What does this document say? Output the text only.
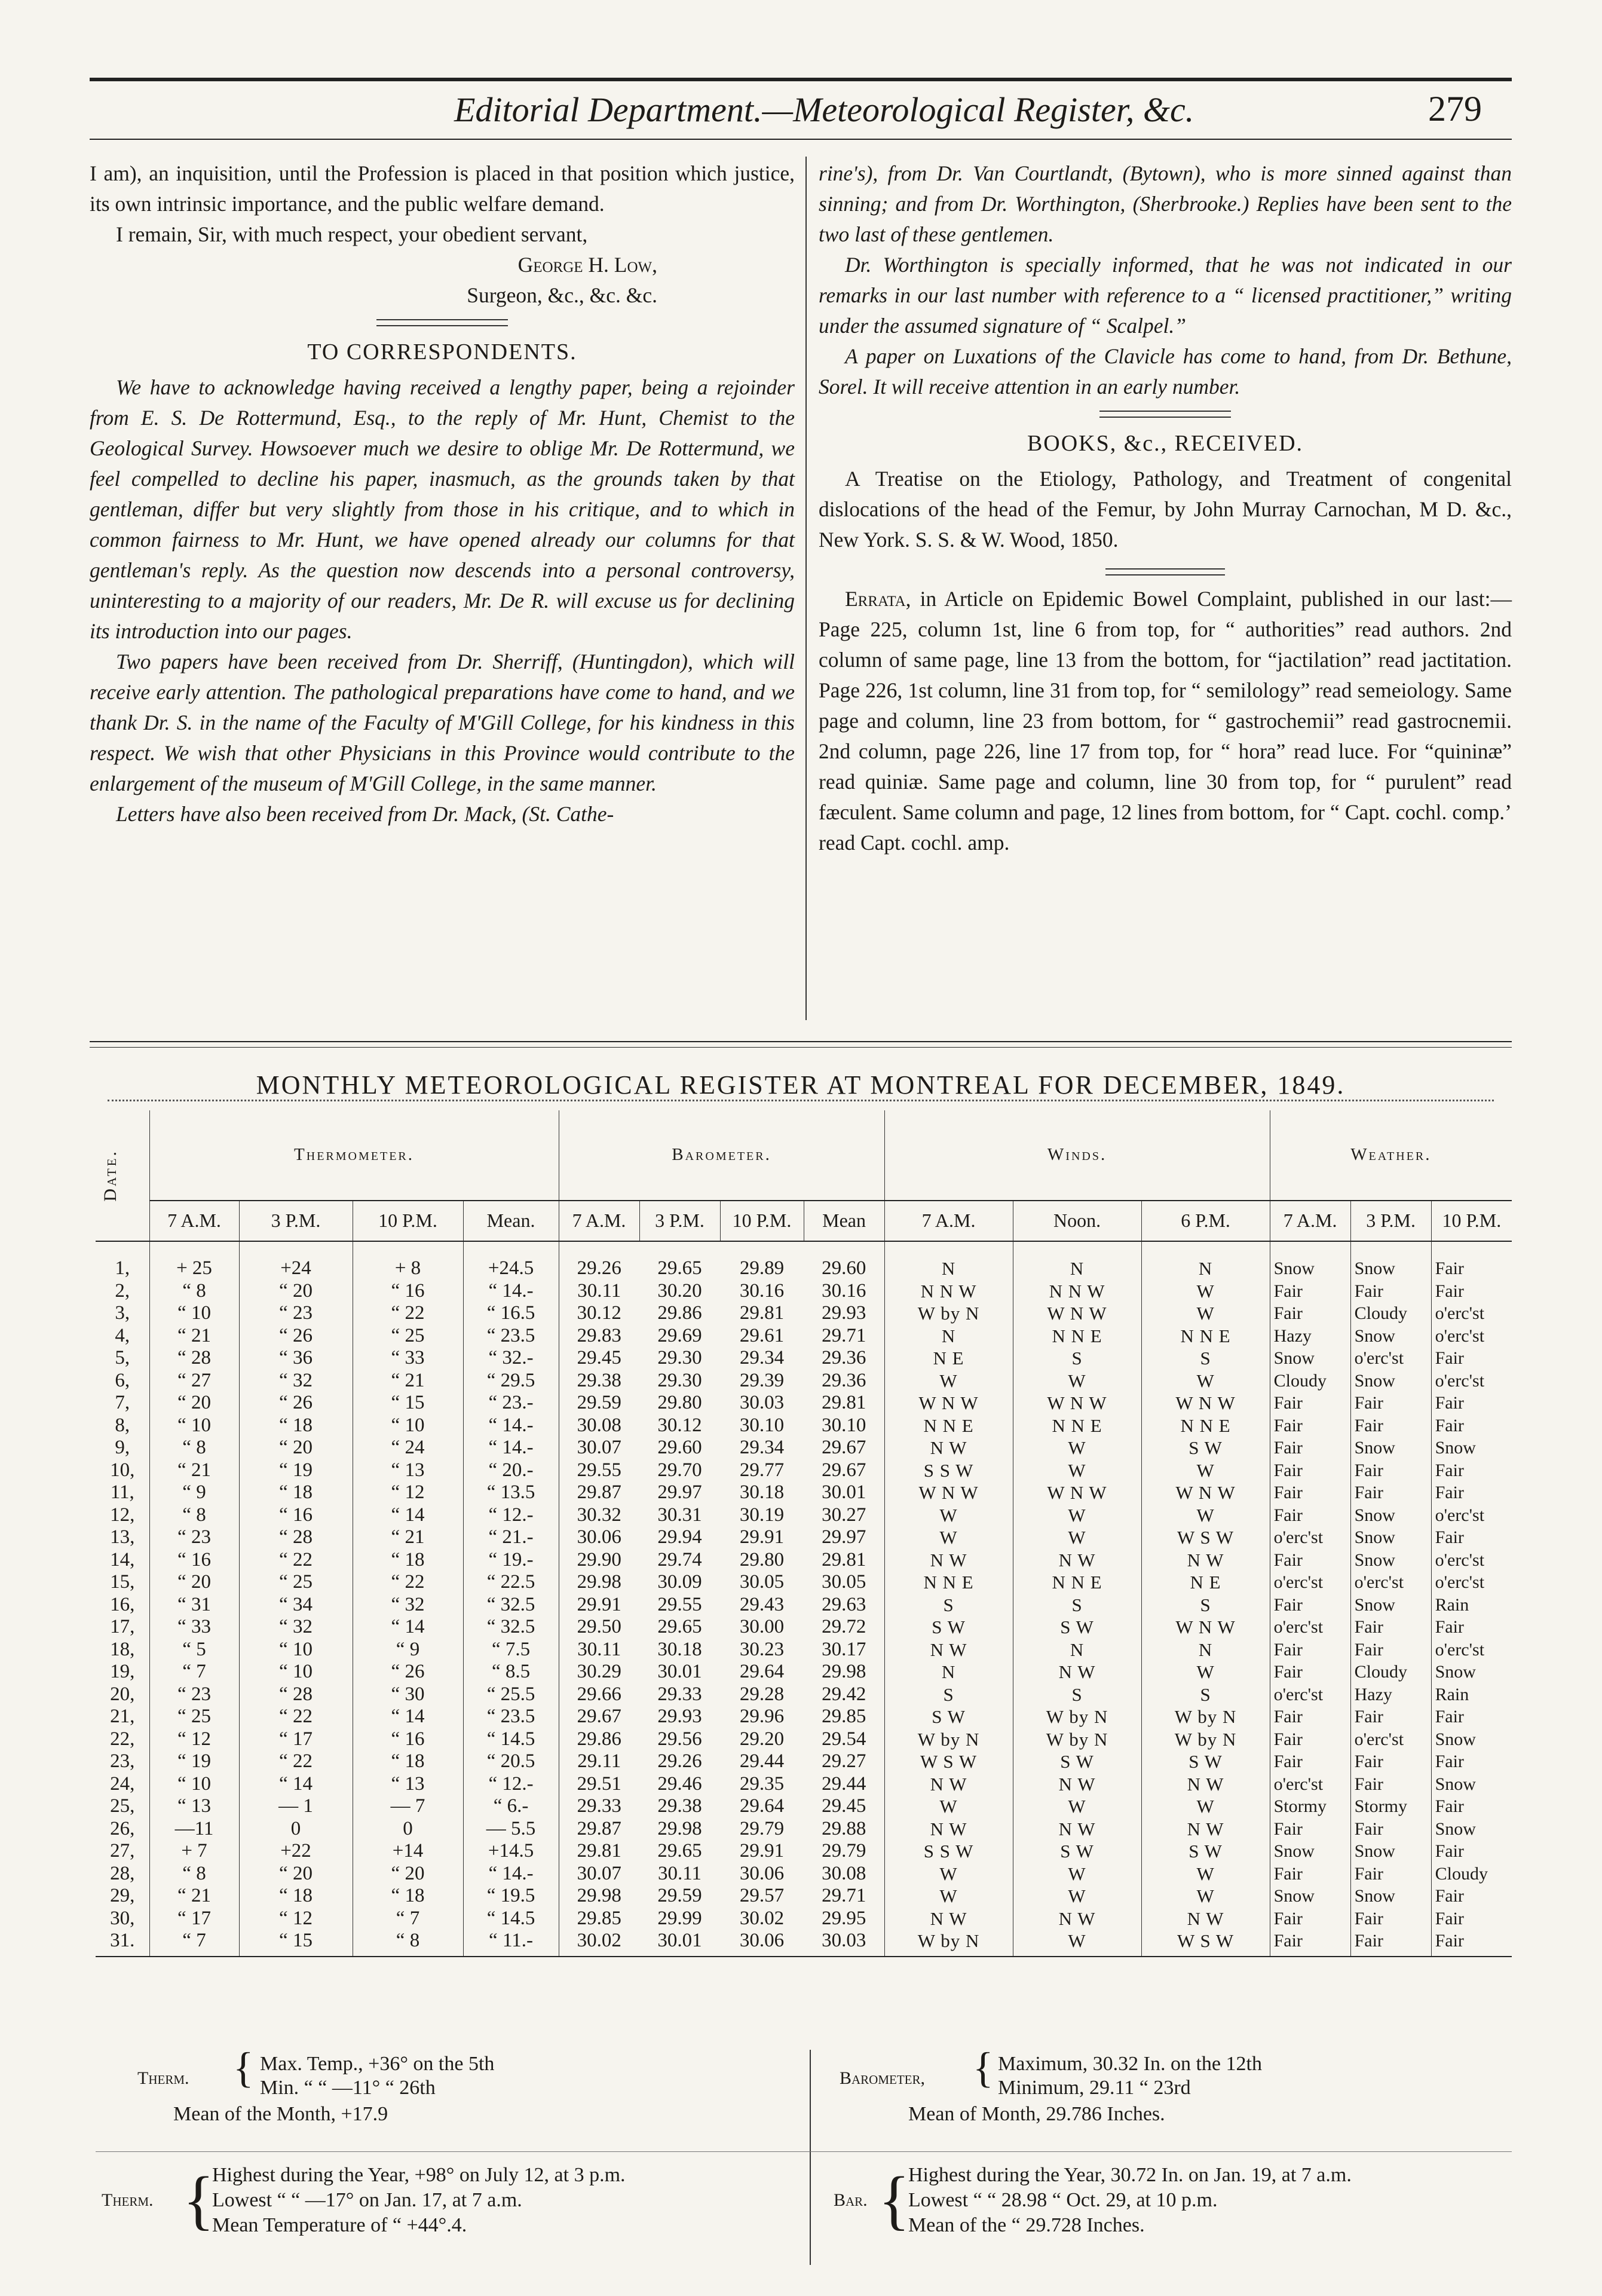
Editorial Department.—Meteorological Register, &c.	279

I am), an inquisition, until the Profession is placed in that position which justice, its own intrinsic importance, and the public welfare demand.

I remain, Sir, with much respect, your obedient servant,

George H. Low,

Surgeon, &c., &c. &c.

TO CORRESPONDENTS.

We have to acknowledge having received a lengthy paper, being a rejoinder from E. S. De Rottermund, Esq., to the reply of Mr. Hunt, Chemist to the Geological Survey. Howsoever much we desire to oblige Mr. De Rottermund, we feel compelled to decline his paper, inasmuch, as the grounds taken by that gentleman, differ but very slightly from those in his critique, and to which in common fairness to Mr. Hunt, we have opened already our columns for that gentleman's reply. As the question now descends into a personal controversy, uninteresting to a majority of our readers, Mr. De R. will excuse us for declining its introduction into our pages.

Two papers have been received from Dr. Sherriff, (Huntingdon), which will receive early attention. The pathological preparations have come to hand, and we thank Dr. S. in the name of the Faculty of M'Gill College, for his kindness in this respect. We wish that other Physicians in this Province would contribute to the enlargement of the museum of M'Gill College, in the same manner.

Letters have also been received from Dr. Mack, (St. Cathe-

rine's), from Dr. Van Courtlandt, (Bytown), who is more sinned against than sinning; and from Dr. Worthington, (Sherbrooke.) Replies have been sent to the two last of these gentlemen.

Dr. Worthington is specially informed, that he was not indicated in our remarks in our last number with reference to a “ licensed practitioner,” writing under the assumed signature of “ Scalpel.”

A paper on Luxations of the Clavicle has come to hand, from Dr. Bethune, Sorel. It will receive attention in an early number.

BOOKS, &c., RECEIVED.

A Treatise on the Etiology, Pathology, and Treatment of congenital dislocations of the head of the Femur, by John Murray Carnochan, M D. &c., New York. S. S. & W. Wood, 1850.

Errata, in Article on Epidemic Bowel Complaint, published in our last:—Page 225, column 1st, line 6 from top, for “ authorities” read authors. 2nd column of same page, line 13 from the bottom, for “jactilation” read jactitation. Page 226, 1st column, line 31 from top, for “ semilology” read semeiology. Same page and column, line 23 from bottom, for “ gastrochemii” read gastrocnemii. 2nd column, page 226, line 17 from top, for “ hora” read luce. For “quininæ” read quiniæ. Same page and column, line 30 from top, for “ purulent” read fæculent. Same column and page, 12 lines from bottom, for “ Capt. cochl. comp.’ read Capt. cochl. amp.

MONTHLY METEOROLOGICAL REGISTER AT MONTREAL FOR DECEMBER, 1849.
Date.	Thermometer.				Barometer.				Winds.			Weather.		
	7 A.M.	3 P.M.	10 P.M.	Mean.	7 A.M.	3 P.M.	10 P.M.	Mean	7 A.M.	Noon.	6 P.M.	7 A.M.	3 P.M.	10 P.M.
1,	+ 25	+24	+ 8	+24.5	29.26	29.65	29.89	29.60	N	N	N	Snow	Snow	Fair
2,	“ 8	“ 20	“ 16	“ 14.-	30.11	30.20	30.16	30.16	N N W	N N W	W	Fair	Fair	Fair
3,	“ 10	“ 23	“ 22	“ 16.5	30.12	29.86	29.81	29.93	W by N	W N W	W	Fair	Cloudy	o'erc'st
4,	“ 21	“ 26	“ 25	“ 23.5	29.83	29.69	29.61	29.71	N	N N E	N N E	Hazy	Snow	o'erc'st
5,	“ 28	“ 36	“ 33	“ 32.-	29.45	29.30	29.34	29.36	N E	S	S	Snow	o'erc'st	Fair
6,	“ 27	“ 32	“ 21	“ 29.5	29.38	29.30	29.39	29.36	W	W	W	Cloudy	Snow	o'erc'st
7,	“ 20	“ 26	“ 15	“ 23.-	29.59	29.80	30.03	29.81	W N W	W N W	W N W	Fair	Fair	Fair
8,	“ 10	“ 18	“ 10	“ 14.-	30.08	30.12	30.10	30.10	N N E	N N E	N N E	Fair	Fair	Fair
9,	“ 8	“ 20	“ 24	“ 14.-	30.07	29.60	29.34	29.67	N W	W	S W	Fair	Snow	Snow
10,	“ 21	“ 19	“ 13	“ 20.-	29.55	29.70	29.77	29.67	S S W	W	W	Fair	Fair	Fair
11,	“ 9	“ 18	“ 12	“ 13.5	29.87	29.97	30.18	30.01	W N W	W N W	W N W	Fair	Fair	Fair
12,	“ 8	“ 16	“ 14	“ 12.-	30.32	30.31	30.19	30.27	W	W	W	Fair	Snow	o'erc'st
13,	“ 23	“ 28	“ 21	“ 21.-	30.06	29.94	29.91	29.97	W	W	W S W	o'erc'st	Snow	Fair
14,	“ 16	“ 22	“ 18	“ 19.-	29.90	29.74	29.80	29.81	N W	N W	N W	Fair	Snow	o'erc'st
15,	“ 20	“ 25	“ 22	“ 22.5	29.98	30.09	30.05	30.05	N N E	N N E	N E	o'erc'st	o'erc'st	o'erc'st
16,	“ 31	“ 34	“ 32	“ 32.5	29.91	29.55	29.43	29.63	S	S	S	Fair	Snow	Rain
17,	“ 33	“ 32	“ 14	“ 32.5	29.50	29.65	30.00	29.72	S W	S W	W N W	o'erc'st	Fair	Fair
18,	“ 5	“ 10	“ 9	“ 7.5	30.11	30.18	30.23	30.17	N W	N	N	Fair	Fair	o'erc'st
19,	“ 7	“ 10	“ 26	“ 8.5	30.29	30.01	29.64	29.98	N	N W	W	Fair	Cloudy	Snow
20,	“ 23	“ 28	“ 30	“ 25.5	29.66	29.33	29.28	29.42	S	S	S	o'erc'st	Hazy	Rain
21,	“ 25	“ 22	“ 14	“ 23.5	29.67	29.93	29.96	29.85	S W	W by N	W by N	Fair	Fair	Fair
22,	“ 12	“ 17	“ 16	“ 14.5	29.86	29.56	29.20	29.54	W by N	W by N	W by N	Fair	o'erc'st	Snow
23,	“ 19	“ 22	“ 18	“ 20.5	29.11	29.26	29.44	29.27	W S W	S W	S W	Fair	Fair	Fair
24,	“ 10	“ 14	“ 13	“ 12.-	29.51	29.46	29.35	29.44	N W	N W	N W	o'erc'st	Fair	Snow
25,	“ 13	— 1	— 7	“ 6.-	29.33	29.38	29.64	29.45	W	W	W	Stormy	Stormy	Fair
26,	—11	0	0	— 5.5	29.87	29.98	29.79	29.88	N W	N W	N W	Fair	Fair	Snow
27,	+ 7	+22	+14	+14.5	29.81	29.65	29.91	29.79	S S W	S W	S W	Snow	Snow	Fair
28,	“ 8	“ 20	“ 20	“ 14.-	30.07	30.11	30.06	30.08	W	W	W	Fair	Fair	Cloudy
29,	“ 21	“ 18	“ 18	“ 19.5	29.98	29.59	29.57	29.71	W	W	W	Snow	Snow	Fair
30,	“ 17	“ 12	“ 7	“ 14.5	29.85	29.99	30.02	29.95	N W	N W	N W	Fair	Fair	Fair
31.	“ 7	“ 15	“ 8	“ 11.-	30.02	30.01	30.06	30.03	W by N	W	W S W	Fair	Fair	Fair
Therm. { Max. Temp., +36° on the 5th
Min. “ “ —11° “ 26th
Mean of the Month, +17.9
Barometer, { Maximum, 30.32 In. on the 12th
Minimum, 29.11 “ 23rd
Mean of Month, 29.786 Inches.
Therm. {
Highest during the Year, +98° on July 12, at 3 p.m.
Lowest “ “ —17° on Jan. 17, at 7 a.m.
Mean Temperature of “ +44°.4.
Bar. {
Highest during the Year, 30.72 In. on Jan. 19, at 7 a.m.
Lowest “ “ 28.98 “ Oct. 29, at 10 p.m.
Mean of the “ 29.728 Inches.
